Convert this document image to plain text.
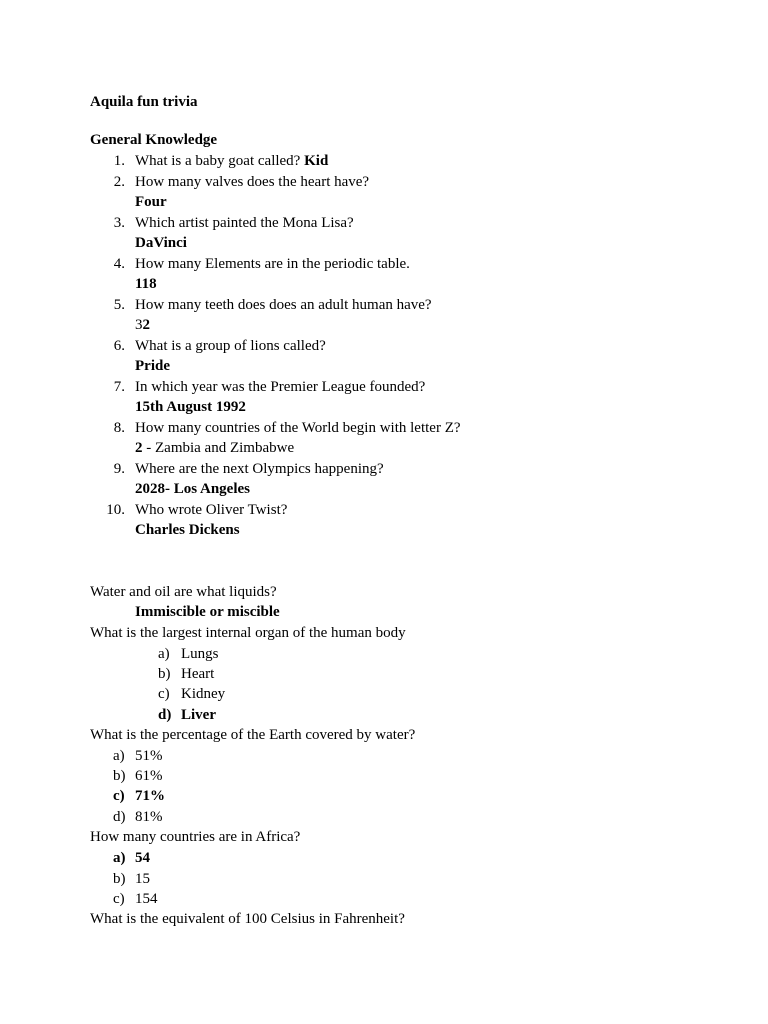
Aquila fun trivia
General Knowledge
1. What is a baby goat called? Kid
2. How many valves does the heart have?
Four
3. Which artist painted the Mona Lisa?
DaVinci
4. How many Elements are in the periodic table.
118
5. How many teeth does does an adult human have?
32
6. What is a group of lions called?
Pride
7. In which year was the Premier League founded?
15th August 1992
8. How many countries of the World begin with letter Z?
2 - Zambia and Zimbabwe
9. Where are the next Olympics happening?
2028- Los Angeles
10. Who wrote Oliver Twist?
Charles Dickens
Water and oil are what liquids?
Immiscible or miscible
What is the largest internal organ of the human body
a) Lungs
b) Heart
c) Kidney
d) Liver
What is the percentage of the Earth covered by water?
a) 51%
b) 61%
c) 71%
d) 81%
How many countries are in Africa?
a) 54
b) 15
c) 154
What is the equivalent of 100 Celsius in Fahrenheit?
